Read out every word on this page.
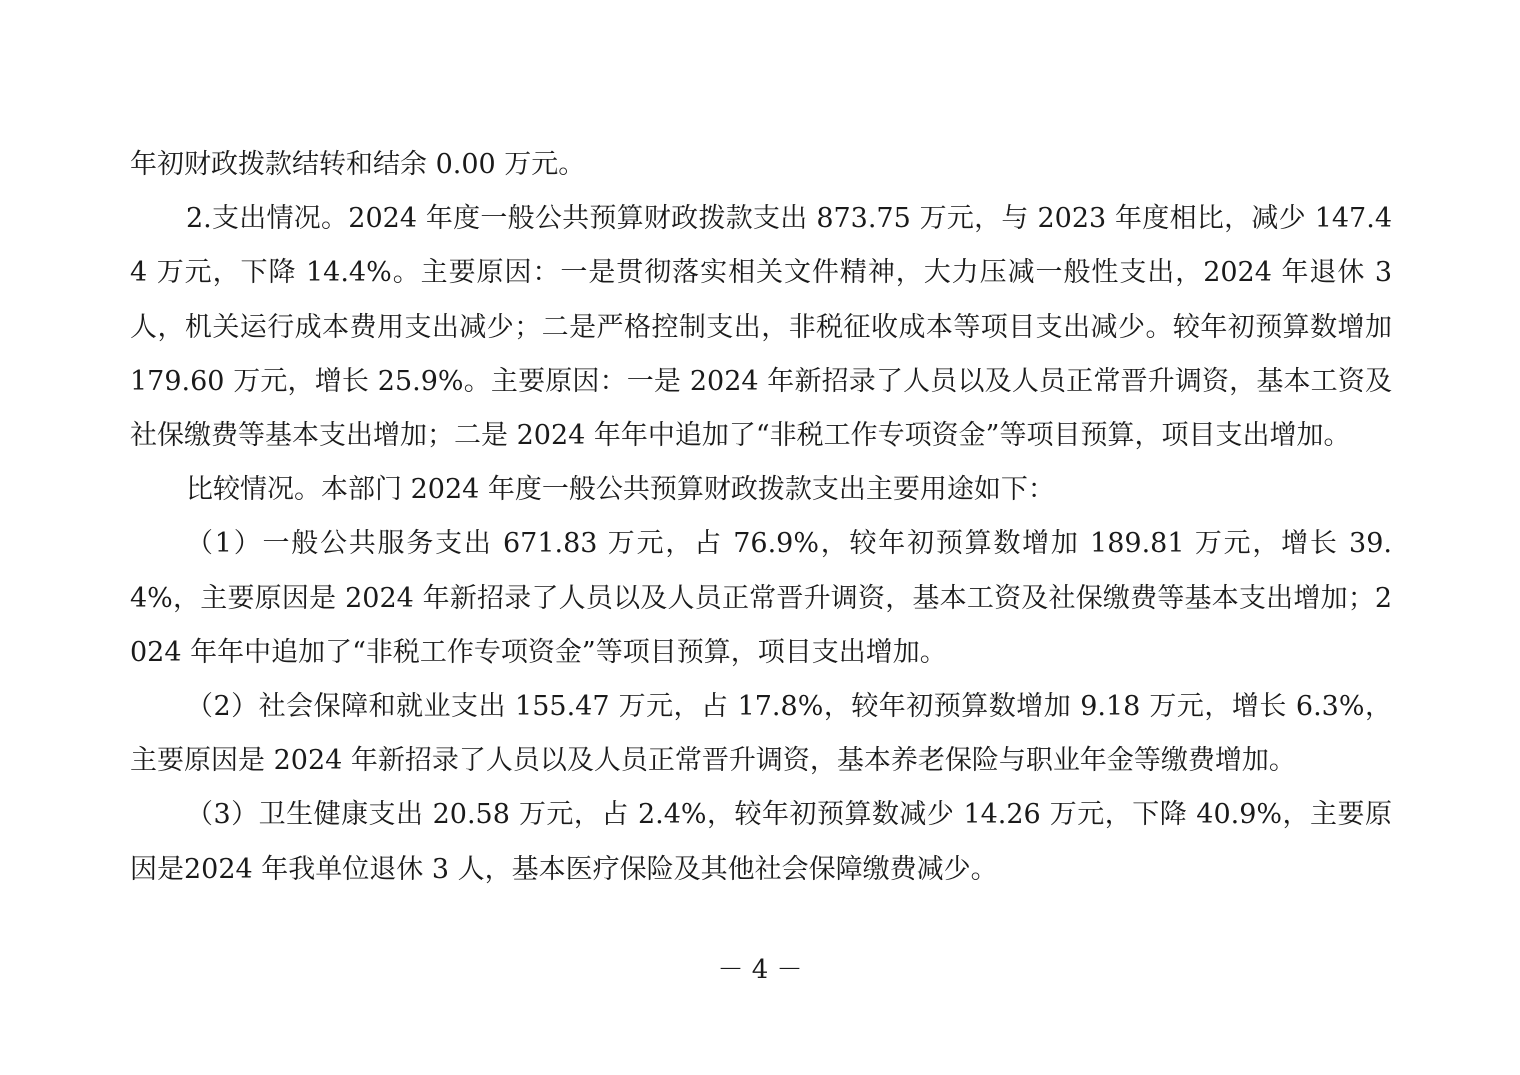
年初财政拨款结转和结余 0.00 万元。

2.支出情况。2024 年度一般公共预算财政拨款支出 873.75 万元，与 2023 年度相比，减少 147.44 万元，下降 14.4%。主要原因：一是贯彻落实相关文件精神，大力压减一般性支出，2024 年退休 3 人，机关运行成本费用支出减少；二是严格控制支出，非税征收成本等项目支出减少。较年初预算数增加 179.60 万元，增长 25.9%。主要原因：一是 2024 年新招录了人员以及人员正常晋升调资，基本工资及社保缴费等基本支出增加；二是 2024 年年中追加了“非税工作专项资金”等项目预算，项目支出增加。

比较情况。本部门 2024 年度一般公共预算财政拨款支出主要用途如下：

（1）一般公共服务支出 671.83 万元，占 76.9%，较年初预算数增加 189.81 万元，增长 39.4%，主要原因是 2024 年新招录了人员以及人员正常晋升调资，基本工资及社保缴费等基本支出增加；2024 年年中追加了“非税工作专项资金”等项目预算，项目支出增加。

（2）社会保障和就业支出 155.47 万元，占 17.8%，较年初预算数增加 9.18 万元，增长 6.3%，主要原因是 2024 年新招录了人员以及人员正常晋升调资，基本养老保险与职业年金等缴费增加。

（3）卫生健康支出 20.58 万元，占 2.4%，较年初预算数减少 14.26 万元，下降 40.9%，主要原因是2024 年我单位退休 3 人，基本医疗保险及其他社会保障缴费减少。

－ 4 －
